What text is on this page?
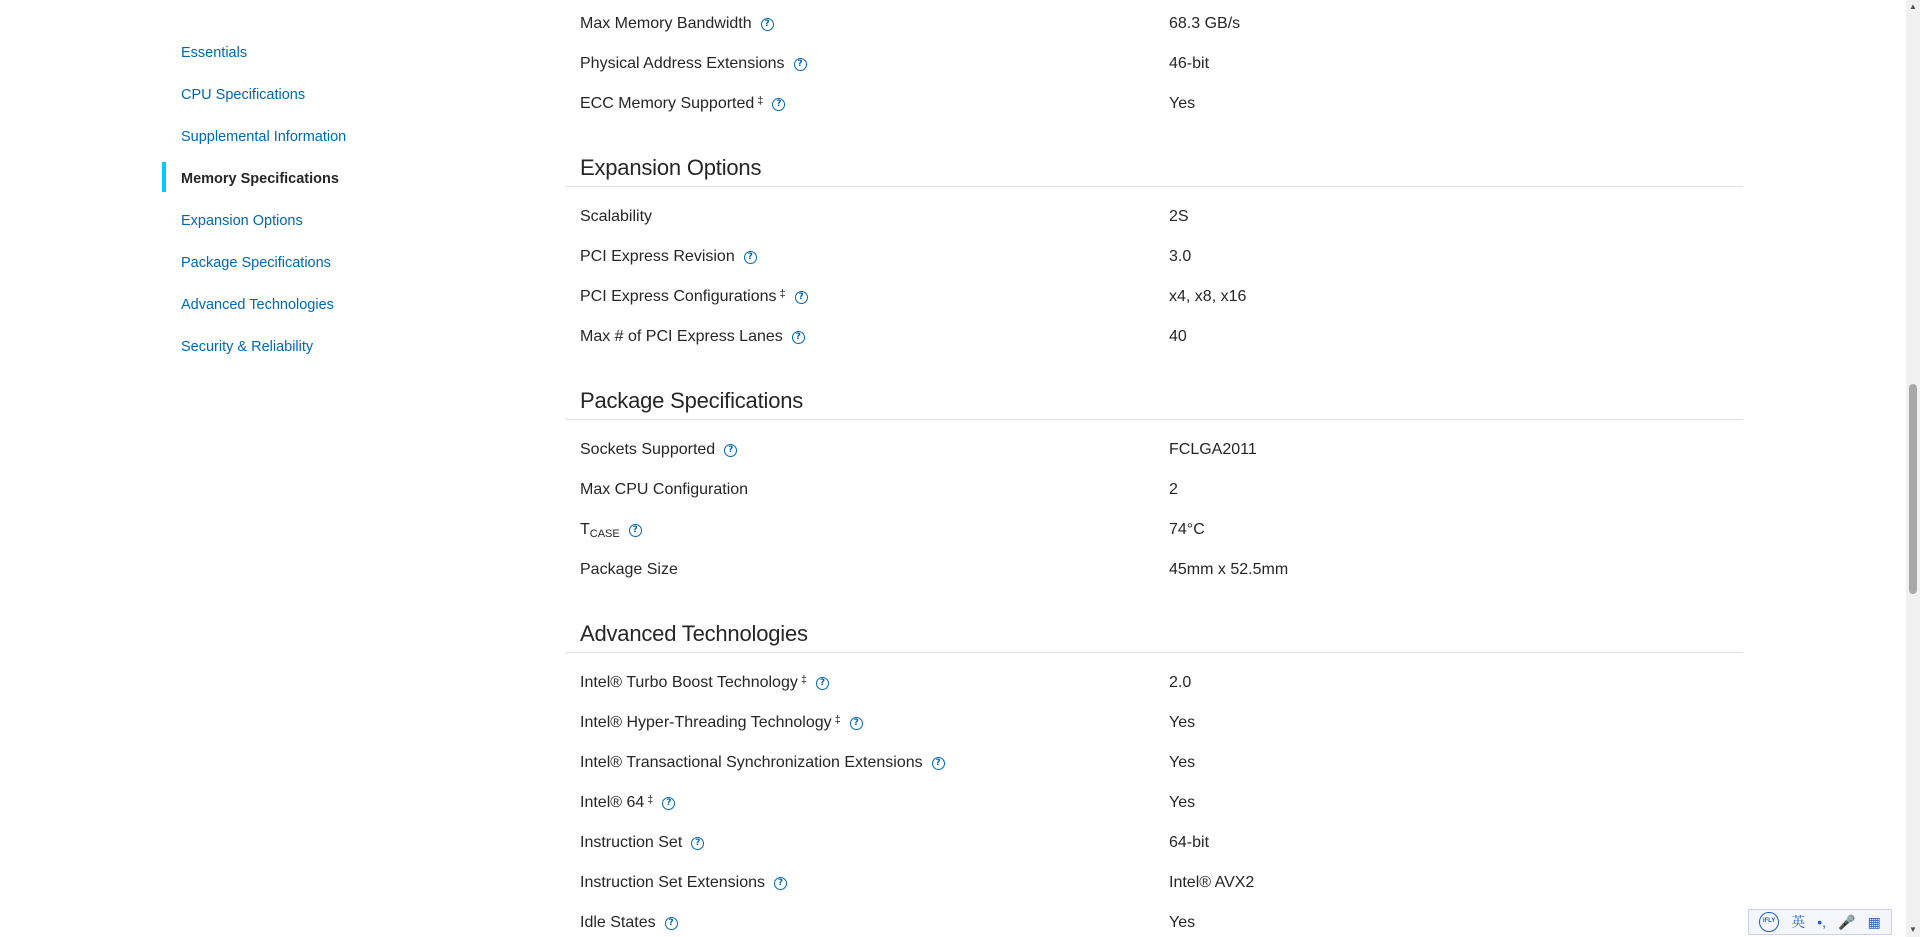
Essentials
CPU Specifications
Supplemental Information
Memory Specifications
Expansion Options
Package Specifications
Advanced Technologies
Security & Reliability
Max Memory Bandwidth	?	68.3 GB/s
Physical Address Extensions	?	46-bit
ECC Memory Supported ‡	?	Yes
Expansion Options
Scalability	2S
PCI Express Revision	?	3.0
PCI Express Configurations ‡	?	x4, x8, x16
Max # of PCI Express Lanes	?	40
Package Specifications
Sockets Supported	?	FCLGA2011
Max CPU Configuration	2
T CASE	?	74°C
Package Size	45mm x 52.5mm
Advanced Technologies
Intel® Turbo Boost Technology ‡	?	2.0
Intel® Hyper-Threading Technology ‡	?	Yes
Intel® Transactional Synchronization Extensions	?	Yes
Intel® 64 ‡	?	Yes
Instruction Set	?	64-bit
Instruction Set Extensions	?	Intel® AVX2
Idle States	?	Yes
▲
▼
iFLY 英 •, 🎤 ▦
